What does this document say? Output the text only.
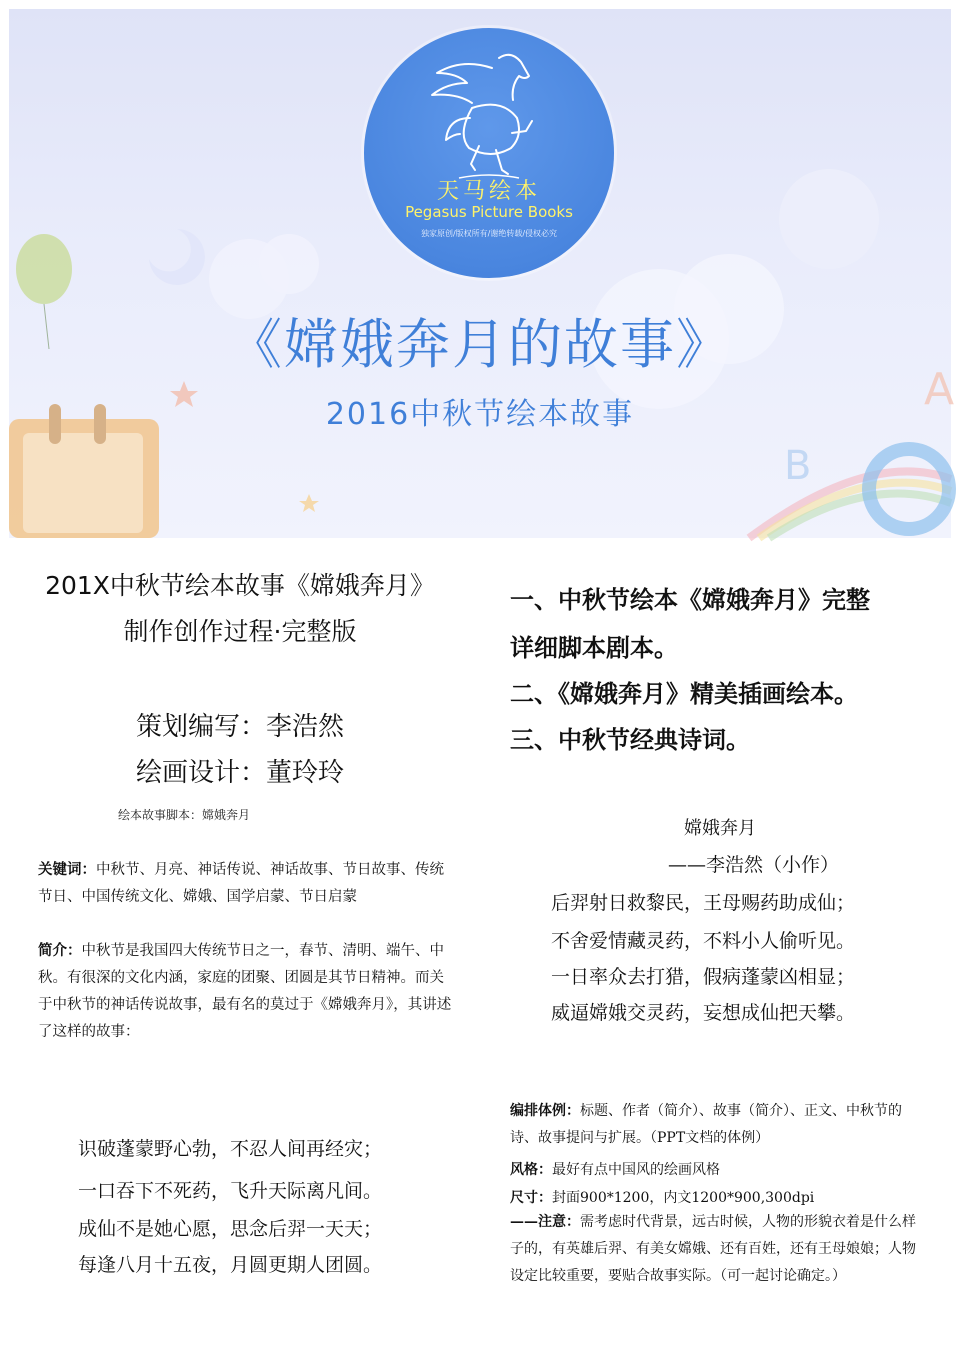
A
B
天马绘本
Pegasus Picture Books
独家原创/版权所有/谢绝转载/侵权必究
《嫦娥奔月的故事》
2016中秋节绘本故事
201X中秋节绘本故事《嫦娥奔月》
制作创作过程·完整版
策划编写：李浩然
绘画设计：董玲玲
绘本故事脚本：嫦娥奔月
关键词：中秋节、月亮、神话传说、神话故事、节日故事、传统节日、中国传统文化、嫦娥、国学启蒙、节日启蒙
简介：中秋节是我国四大传统节日之一，春节、清明、端午、中秋。有很深的文化内涵，家庭的团聚、团圆是其节日精神。而关于中秋节的神话传说故事，最有名的莫过于《嫦娥奔月》，其讲述了这样的故事：
识破蓬蒙野心勃，不忍人间再经灾；
一口吞下不死药，飞升天际离凡间。
成仙不是她心愿，思念后羿一天天；
每逢八月十五夜，月圆更期人团圆。
一、中秋节绘本《嫦娥奔月》完整
详细脚本剧本。
二、《嫦娥奔月》精美插画绘本。
三、中秋节经典诗词。
嫦娥奔月
——李浩然（小作）
后羿射日救黎民，王母赐药助成仙；
不舍爱情藏灵药，不料小人偷听见。
一日率众去打猎，假病蓬蒙凶相显；
威逼嫦娥交灵药，妄想成仙把天攀。
编排体例：标题、作者（简介）、故事（简介）、正文、中秋节的诗、故事提问与扩展。（PPT文档的体例）
风格：最好有点中国风的绘画风格
尺寸：封面900*1200，内文1200*900,300dpi
——注意：需考虑时代背景，远古时候，人物的形貌衣着是什么样子的，有英雄后羿、有美女嫦娥、还有百姓，还有王母娘娘；人物设定比较重要，要贴合故事实际。（可一起讨论确定。）
